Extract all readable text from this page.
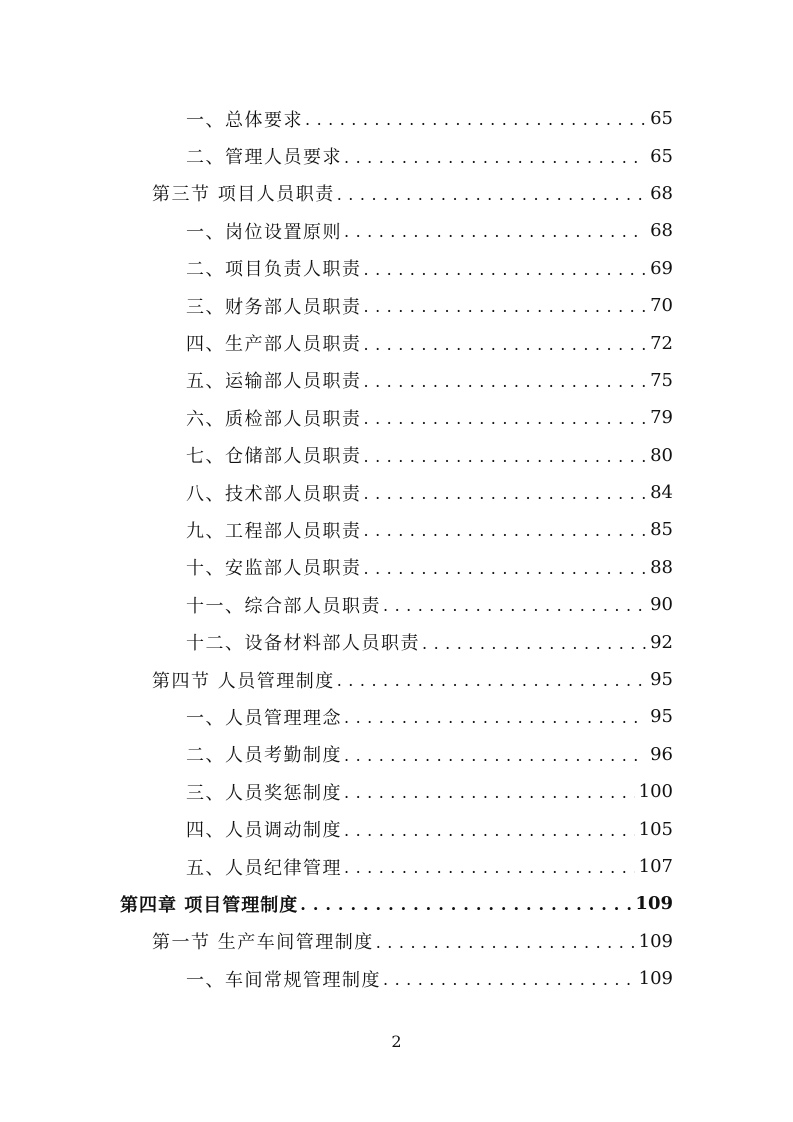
一、总体要求 . . .	65
二、管理人员要求 . . .	65
第三节 项目人员职责 . . .	68
一、岗位设置原则 . . .	68
二、项目负责人职责 . . .	69
三、财务部人员职责 . . .	70
四、生产部人员职责 . . .	72
五、运输部人员职责 . . .	75
六、质检部人员职责 . . .	79
七、仓储部人员职责 . . .	80
八、技术部人员职责 . . .	84
九、工程部人员职责 . . .	85
十、安监部人员职责 . . .	88
十一、综合部人员职责 . . .	90
十二、设备材料部人员职责 . . .	92
第四节 人员管理制度 . . .	95
一、人员管理理念 . . .	95
二、人员考勤制度 . . .	96
三、人员奖惩制度 . . .	100
四、人员调动制度 . . .	105
五、人员纪律管理 . . .	107
第四章 项目管理制度 . . .	109
第一节 生产车间管理制度 . . .	109
一、车间常规管理制度 . . .	109
2
